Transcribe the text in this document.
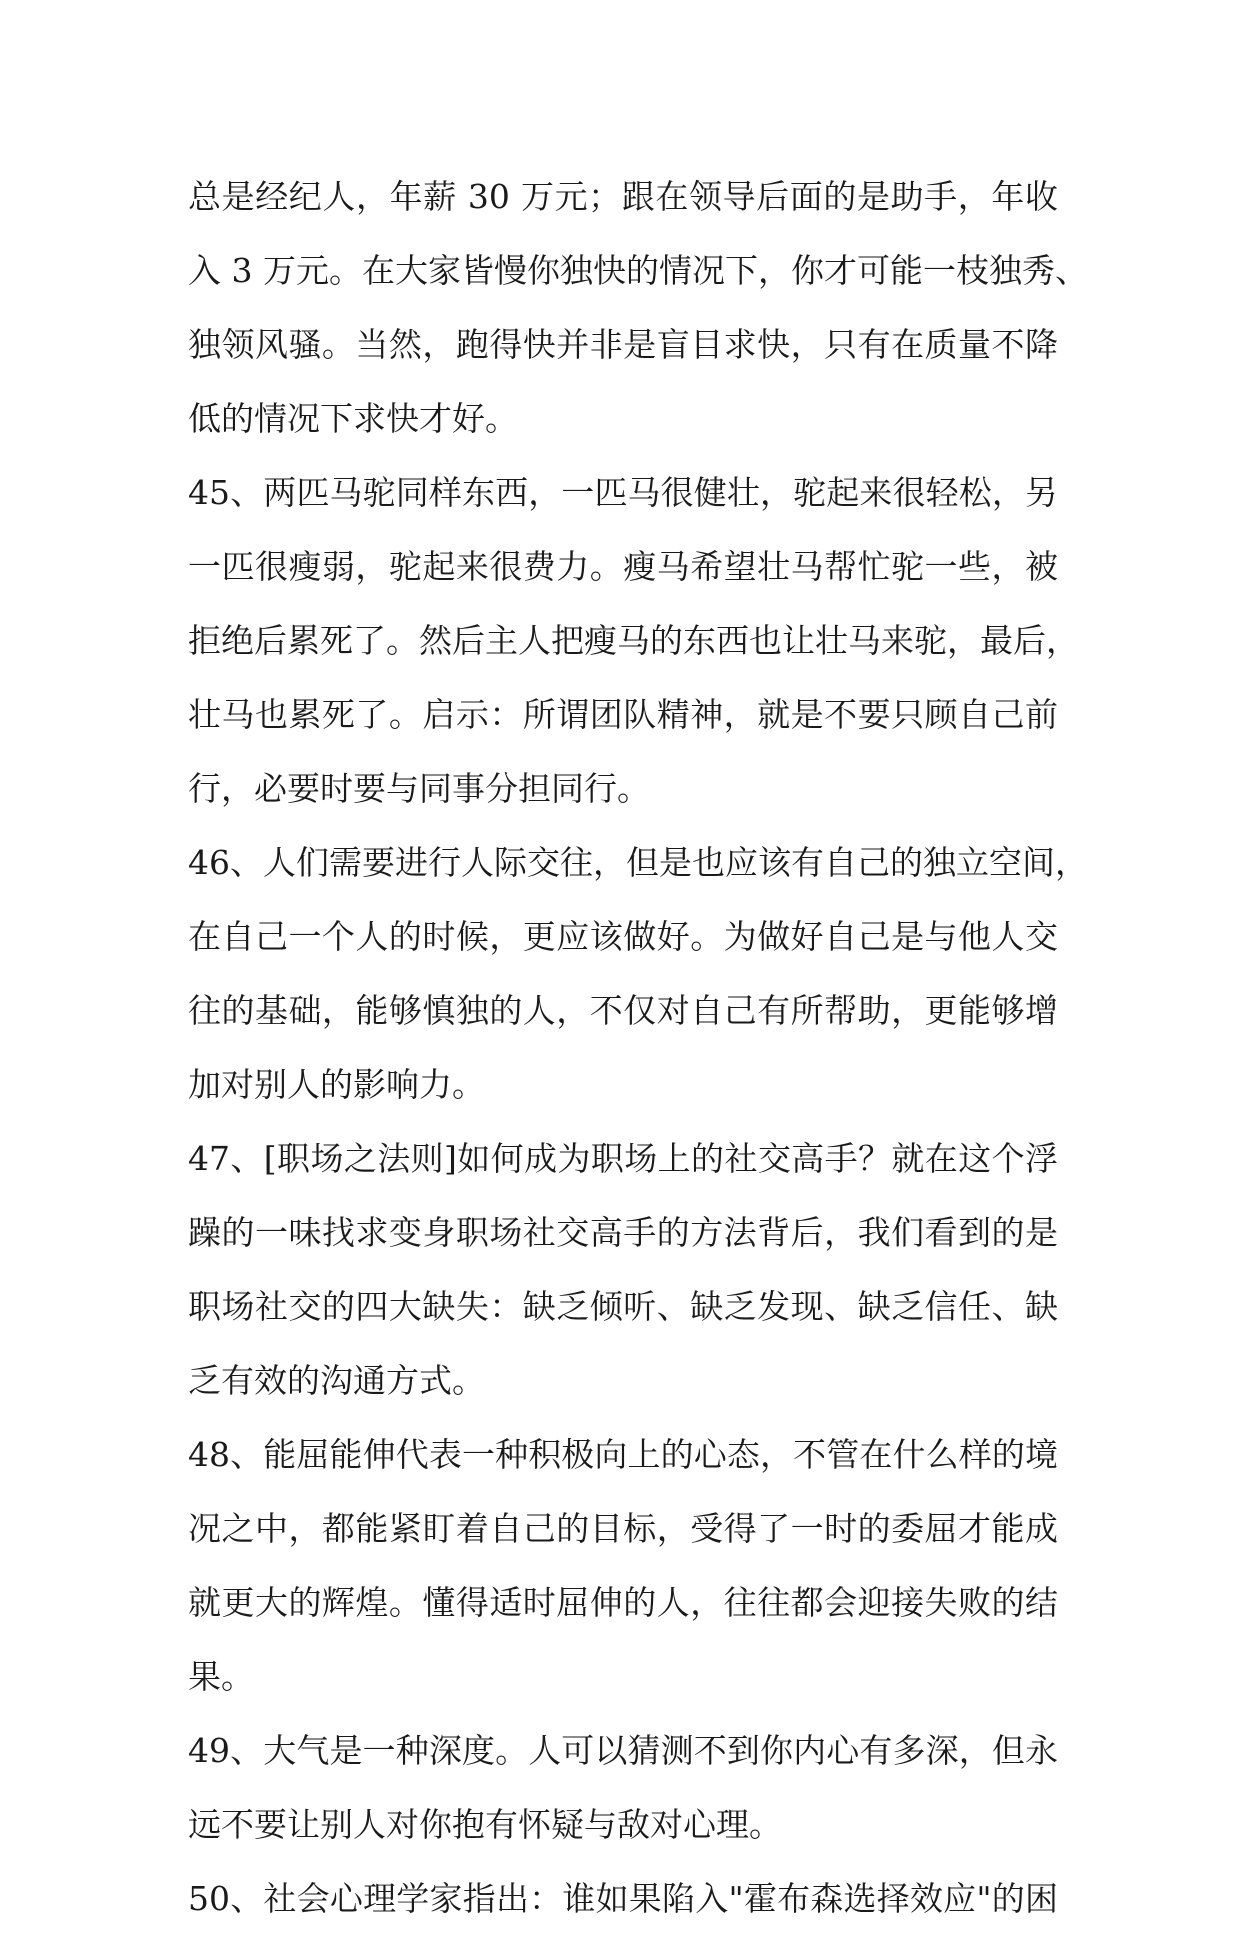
总是经纪人，年薪 30 万元；跟在领导后面的是助手，年收
入 3 万元。在大家皆慢你独快的情况下，你才可能一枝独秀、
独领风骚。当然，跑得快并非是盲目求快，只有在质量不降
低的情况下求快才好。
45、两匹马驼同样东西，一匹马很健壮，驼起来很轻松，另
一匹很瘦弱，驼起来很费力。瘦马希望壮马帮忙驼一些，被
拒绝后累死了。然后主人把瘦马的东西也让壮马来驼，最后，
壮马也累死了。启示：所谓团队精神，就是不要只顾自己前
行，必要时要与同事分担同行。
46、人们需要进行人际交往，但是也应该有自己的独立空间，
在自己一个人的时候，更应该做好。为做好自己是与他人交
往的基础，能够慎独的人，不仅对自己有所帮助，更能够增
加对别人的影响力。
47、[职场之法则]如何成为职场上的社交高手？就在这个浮
躁的一味找求变身职场社交高手的方法背后，我们看到的是
职场社交的四大缺失：缺乏倾听、缺乏发现、缺乏信任、缺
乏有效的沟通方式。
48、能屈能伸代表一种积极向上的心态，不管在什么样的境
况之中，都能紧盯着自己的目标，受得了一时的委屈才能成
就更大的辉煌。懂得适时屈伸的人，往往都会迎接失败的结
果。
49、大气是一种深度。人可以猜测不到你内心有多深，但永
远不要让别人对你抱有怀疑与敌对心理。
50、社会心理学家指出：谁如果陷入"霍布森选择效应"的困
